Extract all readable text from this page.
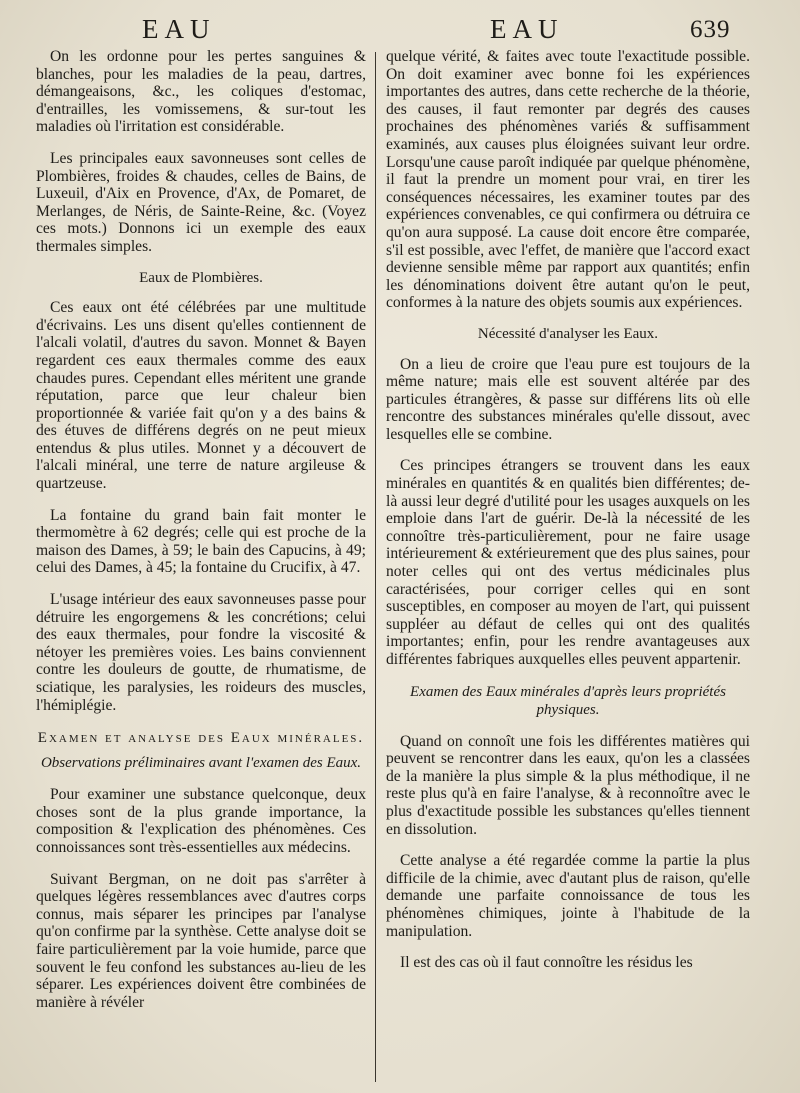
EAU	EAU	639

On les ordonne pour les pertes sanguines & blanches, pour les maladies de la peau, dartres, démangeaisons, &c., les coliques d'estomac, d'entrailles, les vomissemens, & sur-tout les maladies où l'irritation est considérable.

Les principales eaux savonneuses sont celles de Plombières, froides & chaudes, celles de Bains, de Luxeuil, d'Aix en Provence, d'Ax, de Pomaret, de Merlanges, de Néris, de Sainte-Reine, &c. (Voyez ces mots.) Donnons ici un exemple des eaux thermales simples.

Eaux de Plombières.

Ces eaux ont été célébrées par une multitude d'écrivains. Les uns disent qu'elles contiennent de l'alcali volatil, d'autres du savon. Monnet & Bayen regardent ces eaux thermales comme des eaux chaudes pures. Cependant elles méritent une grande réputation, parce que leur chaleur bien proportionnée & variée fait qu'on y a des bains & des étuves de différens degrés on ne peut mieux entendus & plus utiles. Monnet y a découvert de l'alcali minéral, une terre de nature argileuse & quartzeuse.

La fontaine du grand bain fait monter le thermomètre à 62 degrés; celle qui est proche de la maison des Dames, à 59; le bain des Capucins, à 49; celui des Dames, à 45; la fontaine du Crucifix, à 47.

L'usage intérieur des eaux savonneuses passe pour détruire les engorgemens & les concrétions; celui des eaux thermales, pour fondre la viscosité & nétoyer les premières voies. Les bains conviennent contre les douleurs de goutte, de rhumatisme, de sciatique, les paralysies, les roideurs des muscles, l'hémiplégie.

Examen et analyse des Eaux minérales.
Observations préliminaires avant l'examen des Eaux.

Pour examiner une substance quelconque, deux choses sont de la plus grande importance, la composition & l'explication des phénomènes. Ces connoissances sont très-essentielles aux médecins.

Suivant Bergman, on ne doit pas s'arrêter à quelques légères ressemblances avec d'autres corps connus, mais séparer les principes par l'analyse qu'on confirme par la synthèse. Cette analyse doit se faire particulièrement par la voie humide, parce que souvent le feu confond les substances au-lieu de les séparer. Les expériences doivent être combinées de manière à révéler

quelque vérité, & faites avec toute l'exactitude possible. On doit examiner avec bonne foi les expériences importantes des autres, dans cette recherche de la théorie, des causes, il faut remonter par degrés des causes prochaines des phénomènes variés & suffisamment examinés, aux causes plus éloignées suivant leur ordre. Lorsqu'une cause paroît indiquée par quelque phénomène, il faut la prendre un moment pour vrai, en tirer les conséquences nécessaires, les examiner toutes par des expériences convenables, ce qui confirmera ou détruira ce qu'on aura supposé. La cause doit encore être comparée, s'il est possible, avec l'effet, de manière que l'accord exact devienne sensible même par rapport aux quantités; enfin les dénominations doivent être autant qu'on le peut, conformes à la nature des objets soumis aux expériences.

Nécessité d'analyser les Eaux.

On a lieu de croire que l'eau pure est toujours de la même nature; mais elle est souvent altérée par des particules étrangères, & passe sur différens lits où elle rencontre des substances minérales qu'elle dissout, avec lesquelles elle se combine.

Ces principes étrangers se trouvent dans les eaux minérales en quantités & en qualités bien différentes; de-là aussi leur degré d'utilité pour les usages auxquels on les emploie dans l'art de guérir. De-là la nécessité de les connoître très-particulièrement, pour ne faire usage intérieurement & extérieurement que des plus saines, pour noter celles qui ont des vertus médicinales plus caractérisées, pour corriger celles qui en sont susceptibles, en composer au moyen de l'art, qui puissent suppléer au défaut de celles qui ont des qualités importantes; enfin, pour les rendre avantageuses aux différentes fabriques auxquelles elles peuvent appartenir.

Examen des Eaux minérales d'après leurs propriétés physiques.

Quand on connoît une fois les différentes matières qui peuvent se rencontrer dans les eaux, qu'on les a classées de la manière la plus simple & la plus méthodique, il ne reste plus qu'à en faire l'analyse, & à reconnoître avec le plus d'exactitude possible les substances qu'elles tiennent en dissolution.

Cette analyse a été regardée comme la partie la plus difficile de la chimie, avec d'autant plus de raison, qu'elle demande une parfaite connoissance de tous les phénomènes chimiques, jointe à l'habitude de la manipulation.

Il est des cas où il faut connoître les résidus les
